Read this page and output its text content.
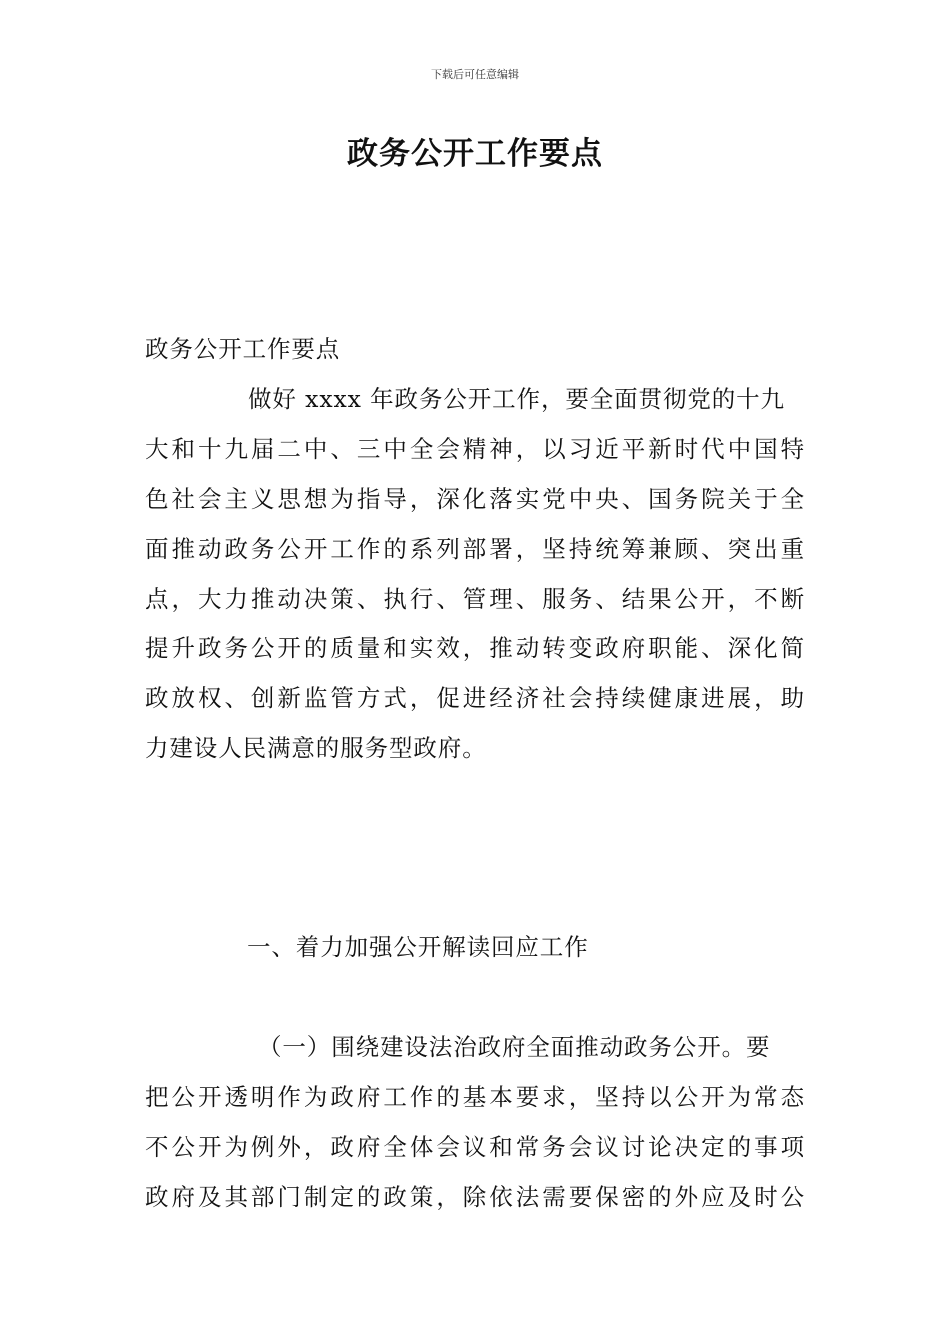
下载后可任意编辑
政务公开工作要点
政务公开工作要点
做好 xxxx 年政务公开工作，要全面贯彻党的十九
大和十九届二中、三中全会精神，以习近平新时代中国特
色社会主义思想为指导，深化落实党中央、国务院关于全
面推动政务公开工作的系列部署，坚持统筹兼顾、突出重
点，大力推动决策、执行、管理、服务、结果公开，不断
提升政务公开的质量和实效，推动转变政府职能、深化简
政放权、创新监管方式，促进经济社会持续健康进展，助
力建设人民满意的服务型政府。
一、着力加强公开解读回应工作
（一）围绕建设法治政府全面推动政务公开。要
把公开透明作为政府工作的基本要求，坚持以公开为常态
不公开为例外，政府全体会议和常务会议讨论决定的事项
政府及其部门制定的政策，除依法需要保密的外应及时公
